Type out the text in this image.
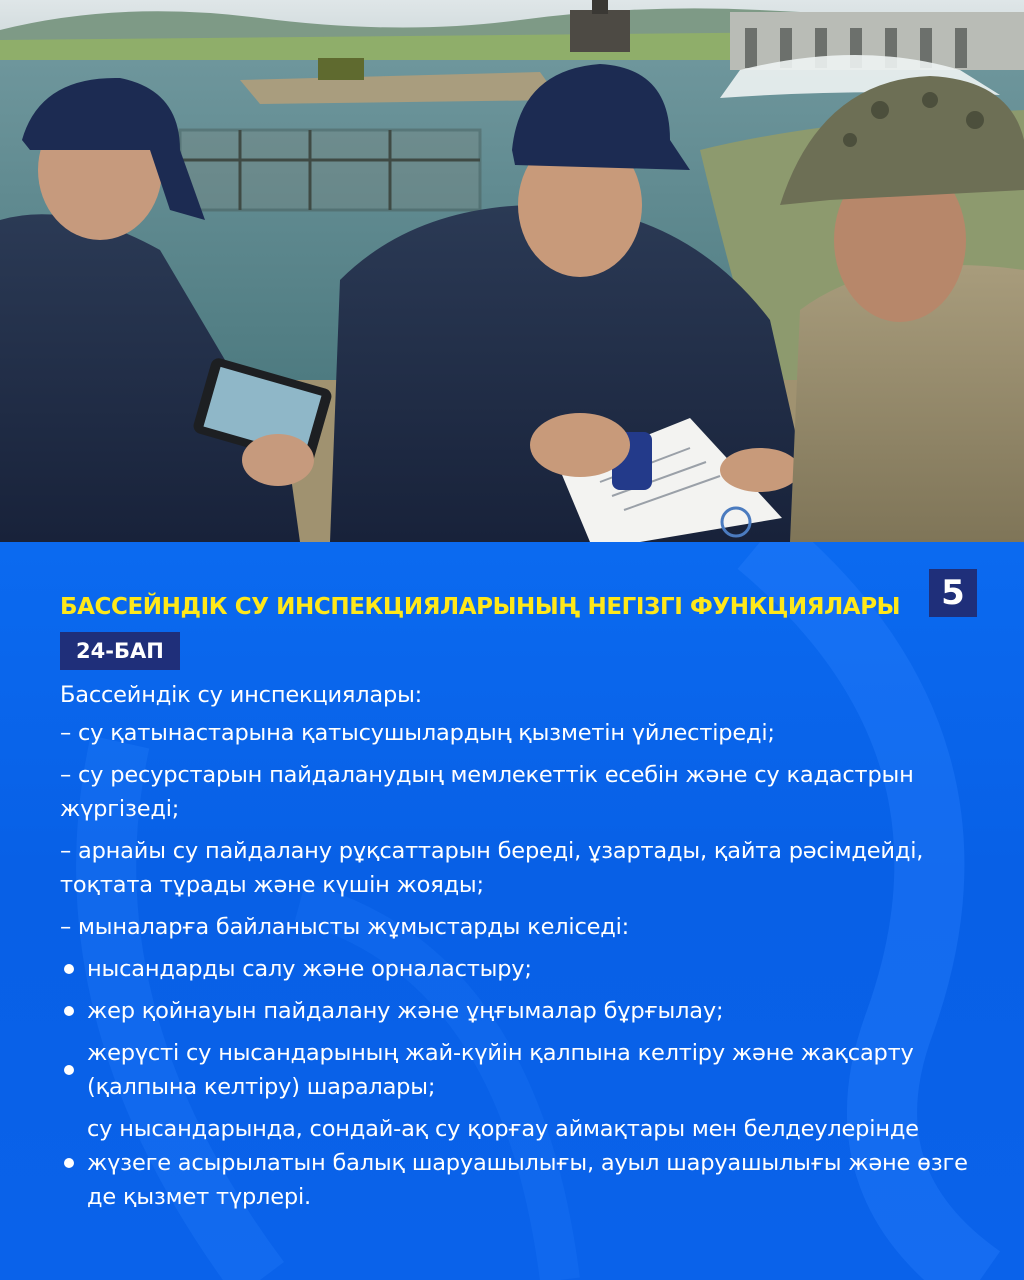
5
БАССЕЙНДІК СУ ИНСПЕКЦИЯЛАРЫНЫҢ НЕГІЗГІ ФУНКЦИЯЛАРЫ
24-БАП

Бассейндік су инспекциялары:

– су қатынастарына қатысушылардың қызметін үйлестіреді;

– су ресурстарын пайдаланудың мемлекеттік есебін және су кадастрын жүргізеді;

– арнайы су пайдалану рұқсаттарын береді, ұзартады, қайта рәсімдейді, тоқтата тұрады және күшін жояды;

– мыналарға байланысты жұмыстарды келіседі:

нысандарды салу және орналастыру;
жер қойнауын пайдалану және ұңғымалар бұрғылау;
жерүсті су нысандарының жай-күйін қалпына келтіру және жақсарту (қалпына келтіру) шаралары;
су нысандарында, сондай-ақ су қорғау аймақтары мен белдеулерінде жүзеге асырылатын балық шаруашылығы, ауыл шаруашылығы және өзге де қызмет түрлері.
